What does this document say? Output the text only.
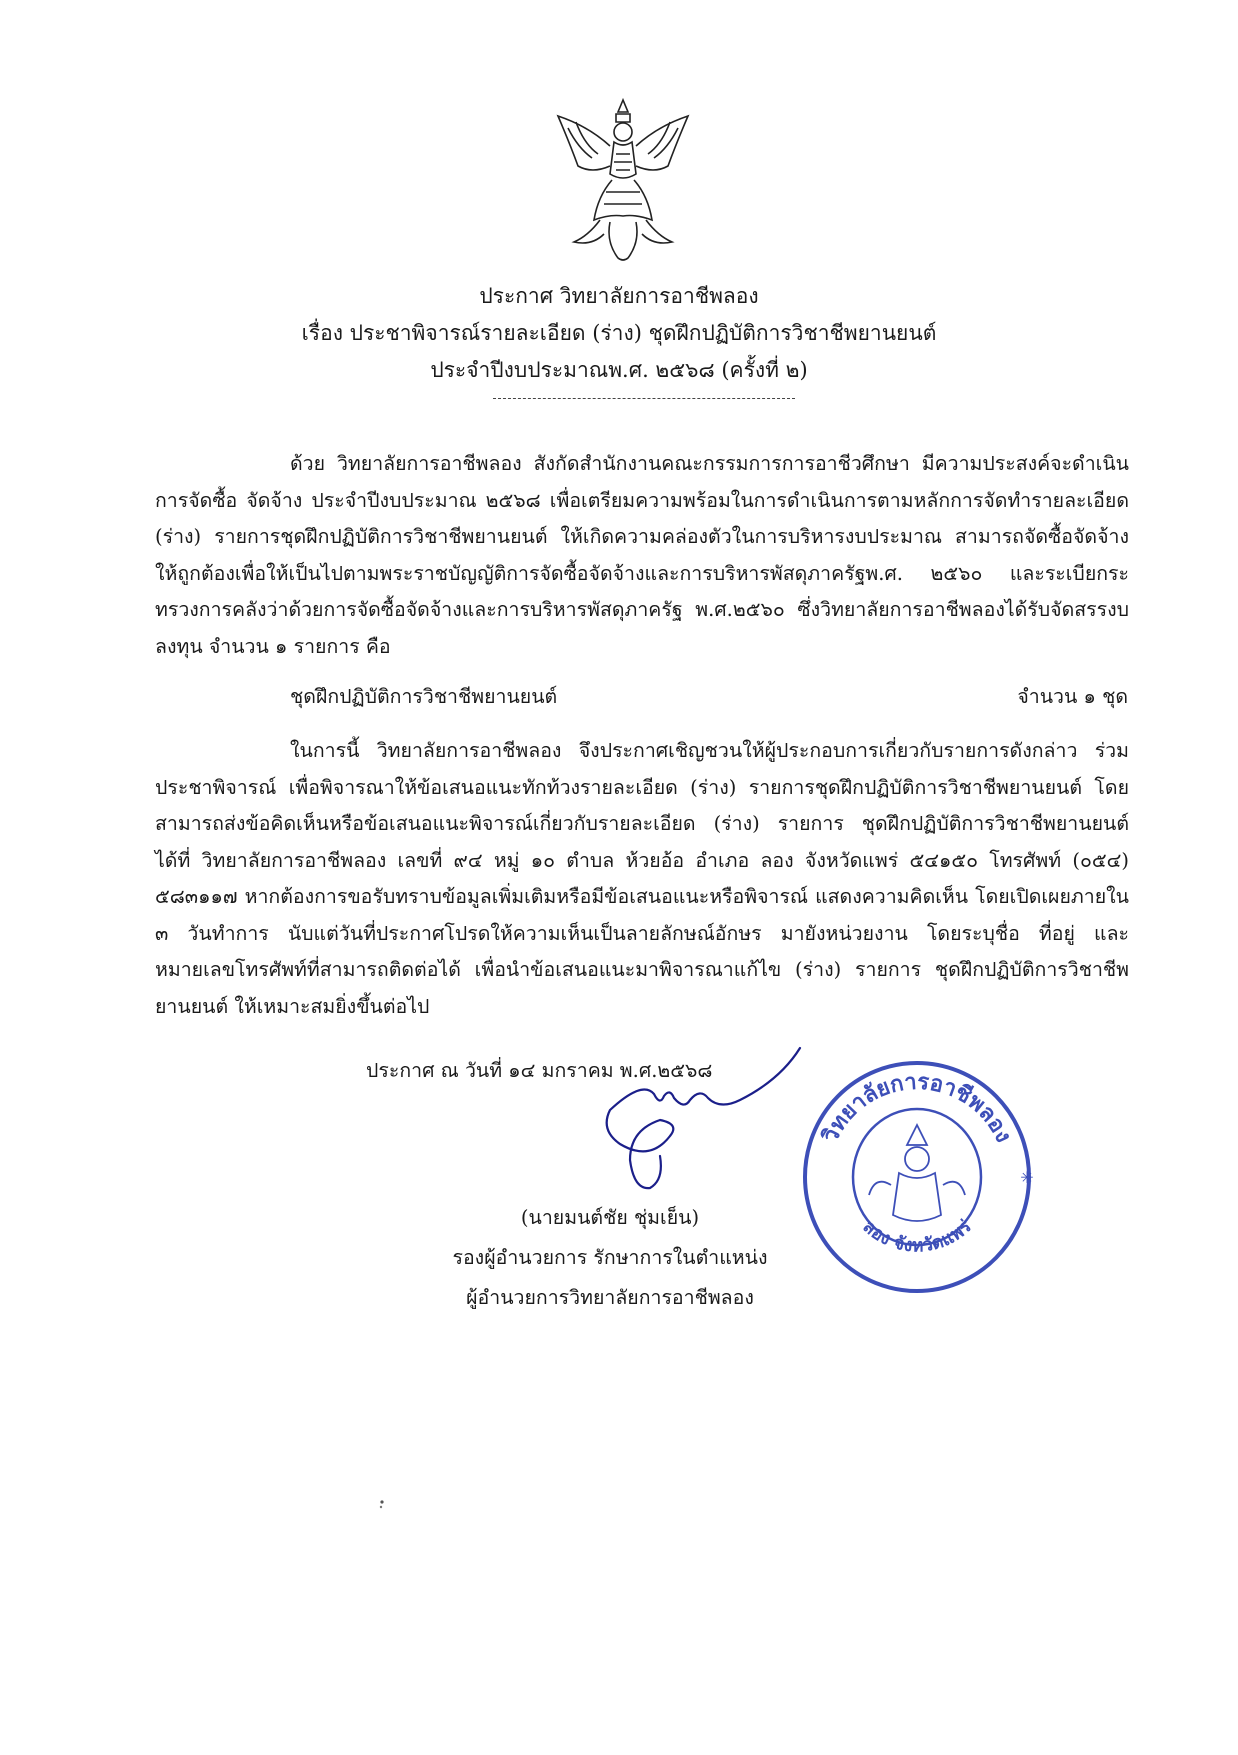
ประกาศ วิทยาลัยการอาชีพลอง
เรื่อง ประชาพิจารณ์รายละเอียด (ร่าง) ชุดฝึกปฏิบัติการวิชาชีพยานยนต์
ประจำปีงบประมาณพ.ศ. ๒๕๖๘ (ครั้งที่ ๒)
ด้วย วิทยาลัยการอาชีพลอง สังกัดสำนักงานคณะกรรมการการอาชีวศึกษา มีความประสงค์จะดำเนินการจัดซื้อ จัดจ้าง ประจำปีงบประมาณ ๒๕๖๘ เพื่อเตรียมความพร้อมในการดำเนินการตามหลักการจัดทำรายละเอียด (ร่าง) รายการชุดฝึกปฏิบัติการวิชาชีพยานยนต์ ให้เกิดความคล่องตัวในการบริหารงบประมาณ สามารถจัดซื้อจัดจ้างให้ถูกต้องเพื่อให้เป็นไปตามพระราชบัญญัติการจัดซื้อจัดจ้างและการบริหารพัสดุภาครัฐพ.ศ. ๒๕๖๐ และระเบียกระทรวงการคลังว่าด้วยการจัดซื้อจัดจ้างและการบริหารพัสดุภาครัฐ พ.ศ.๒๕๖๐ ซึ่งวิทยาลัยการอาชีพลองได้รับจัดสรรงบลงทุน จำนวน ๑ รายการ คือ
ชุดฝึกปฏิบัติการวิชาชีพยานยนต์	จำนวน ๑ ชุด
ในการนี้ วิทยาลัยการอาชีพลอง จึงประกาศเชิญชวนให้ผู้ประกอบการเกี่ยวกับรายการดังกล่าว ร่วมประชาพิจารณ์ เพื่อพิจารณาให้ข้อเสนอแนะทักท้วงรายละเอียด (ร่าง) รายการชุดฝึกปฏิบัติการวิชาชีพยานยนต์ โดยสามารถส่งข้อคิดเห็นหรือข้อเสนอแนะพิจารณ์เกี่ยวกับรายละเอียด (ร่าง) รายการ ชุดฝึกปฏิบัติการวิชาชีพยานยนต์ ได้ที่ วิทยาลัยการอาชีพลอง เลขที่ ๙๔ หมู่ ๑๐ ตำบล ห้วยอ้อ อำเภอ ลอง จังหวัดแพร่ ๕๔๑๕๐ โทรศัพท์ (๐๕๔) ๕๘๓๑๑๗ หากต้องการขอรับทราบข้อมูลเพิ่มเติมหรือมีข้อเสนอแนะหรือพิจารณ์ แสดงความคิดเห็น โดยเปิดเผยภายใน ๓ วันทำการ นับแต่วันที่ประกาศโปรดให้ความเห็นเป็นลายลักษณ์อักษร มายังหน่วยงาน โดยระบุชื่อ ที่อยู่ และหมายเลขโทรศัพท์ที่สามารถติดต่อได้ เพื่อนำข้อเสนอแนะมาพิจารณาแก้ไข (ร่าง) รายการ ชุดฝึกปฏิบัติการวิชาชีพยานยนต์ ให้เหมาะสมยิ่งขึ้นต่อไป
ประกาศ ณ วันที่ ๑๔ มกราคม พ.ศ.๒๕๖๘
วิทยาลัยการอาชีพลอง
ลอง จังหวัดแพร่
✳
(นายมนต์ชัย ชุ่มเย็น)
รองผู้อำนวยการ รักษาการในตำแหน่ง
ผู้อำนวยการวิทยาลัยการอาชีพลอง
